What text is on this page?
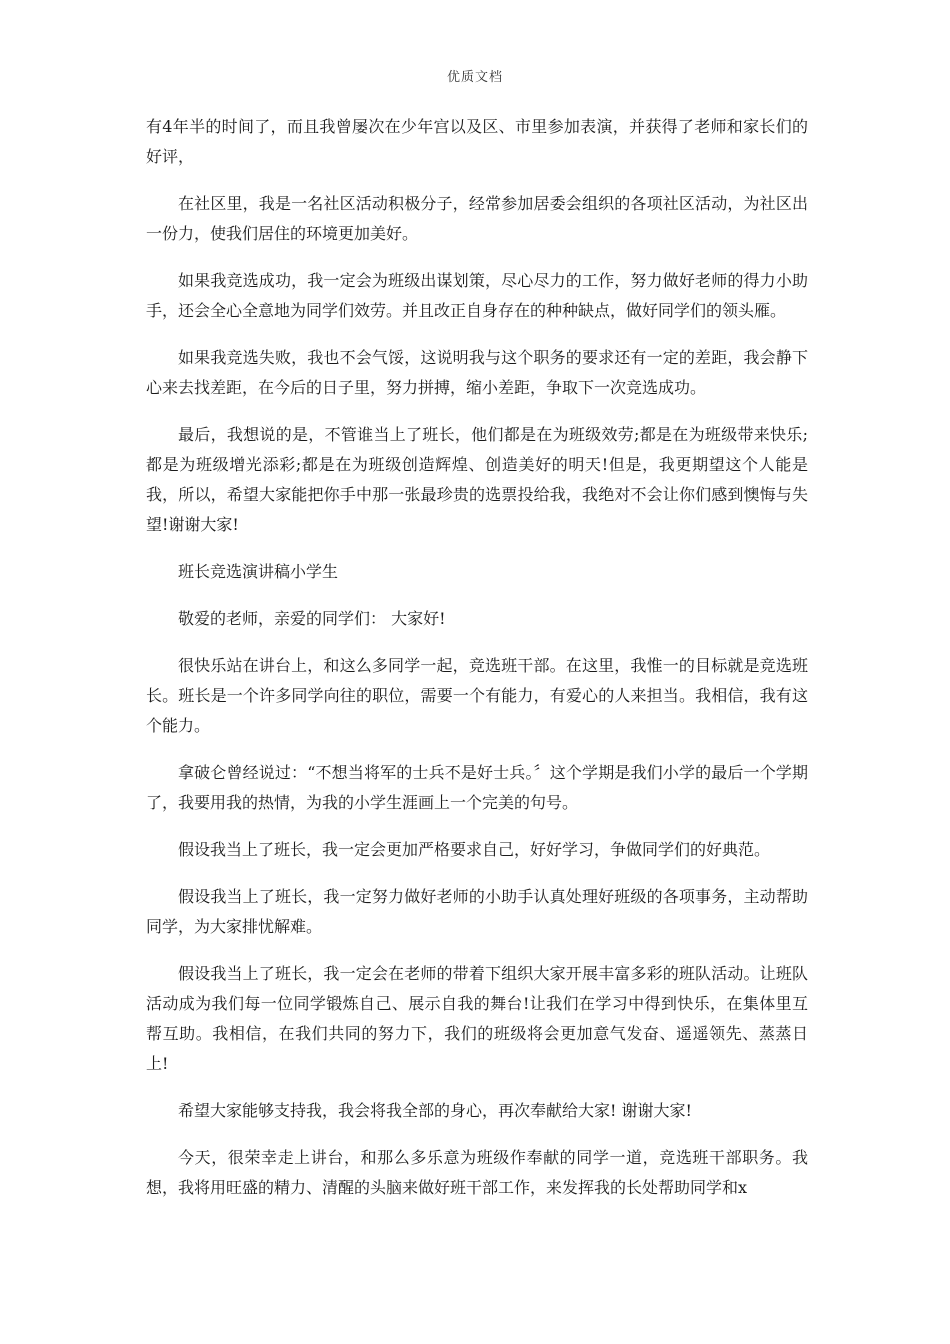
优质文档

有4年半的时间了，而且我曾屡次在少年宫以及区、市里参加表演，并获得了老师和家长们的好评，

在社区里，我是一名社区活动积极分子，经常参加居委会组织的各项社区活动，为社区出一份力，使我们居住的环境更加美好。

如果我竞选成功，我一定会为班级出谋划策，尽心尽力的工作，努力做好老师的得力小助手，还会全心全意地为同学们效劳。并且改正自身存在的种种缺点，做好同学们的领头雁。

如果我竞选失败，我也不会气馁，这说明我与这个职务的要求还有一定的差距，我会静下心来去找差距，在今后的日子里，努力拼搏，缩小差距，争取下一次竞选成功。

最后，我想说的是，不管谁当上了班长，他们都是在为班级效劳;都是在为班级带来快乐;都是为班级增光添彩;都是在为班级创造辉煌、创造美好的明天!但是，我更期望这个人能是我，所以，希望大家能把你手中那一张最珍贵的选票投给我，我绝对不会让你们感到懊悔与失望!谢谢大家!

班长竞选演讲稿小学生

敬爱的老师，亲爱的同学们： 大家好!

很快乐站在讲台上，和这么多同学一起，竞选班干部。在这里，我惟一的目标就是竞选班长。班长是一个许多同学向往的职位，需要一个有能力，有爱心的人来担当。我相信，我有这个能力。

拿破仑曾经说过：“不想当将军的士兵不是好士兵。〞这个学期是我们小学的最后一个学期了，我要用我的热情，为我的小学生涯画上一个完美的句号。

假设我当上了班长，我一定会更加严格要求自己，好好学习，争做同学们的好典范。

假设我当上了班长，我一定努力做好老师的小助手认真处理好班级的各项事务，主动帮助同学，为大家排忧解难。

假设我当上了班长，我一定会在老师的带着下组织大家开展丰富多彩的班队活动。让班队活动成为我们每一位同学锻炼自己、展示自我的舞台!让我们在学习中得到快乐，在集体里互帮互助。我相信，在我们共同的努力下，我们的班级将会更加意气发奋、遥遥领先、蒸蒸日上!

希望大家能够支持我，我会将我全部的身心，再次奉献给大家! 谢谢大家!

今天，很荣幸走上讲台，和那么多乐意为班级作奉献的同学一道，竞选班干部职务。我想，我将用旺盛的精力、清醒的头脑来做好班干部工作，来发挥我的长处帮助同学和x
